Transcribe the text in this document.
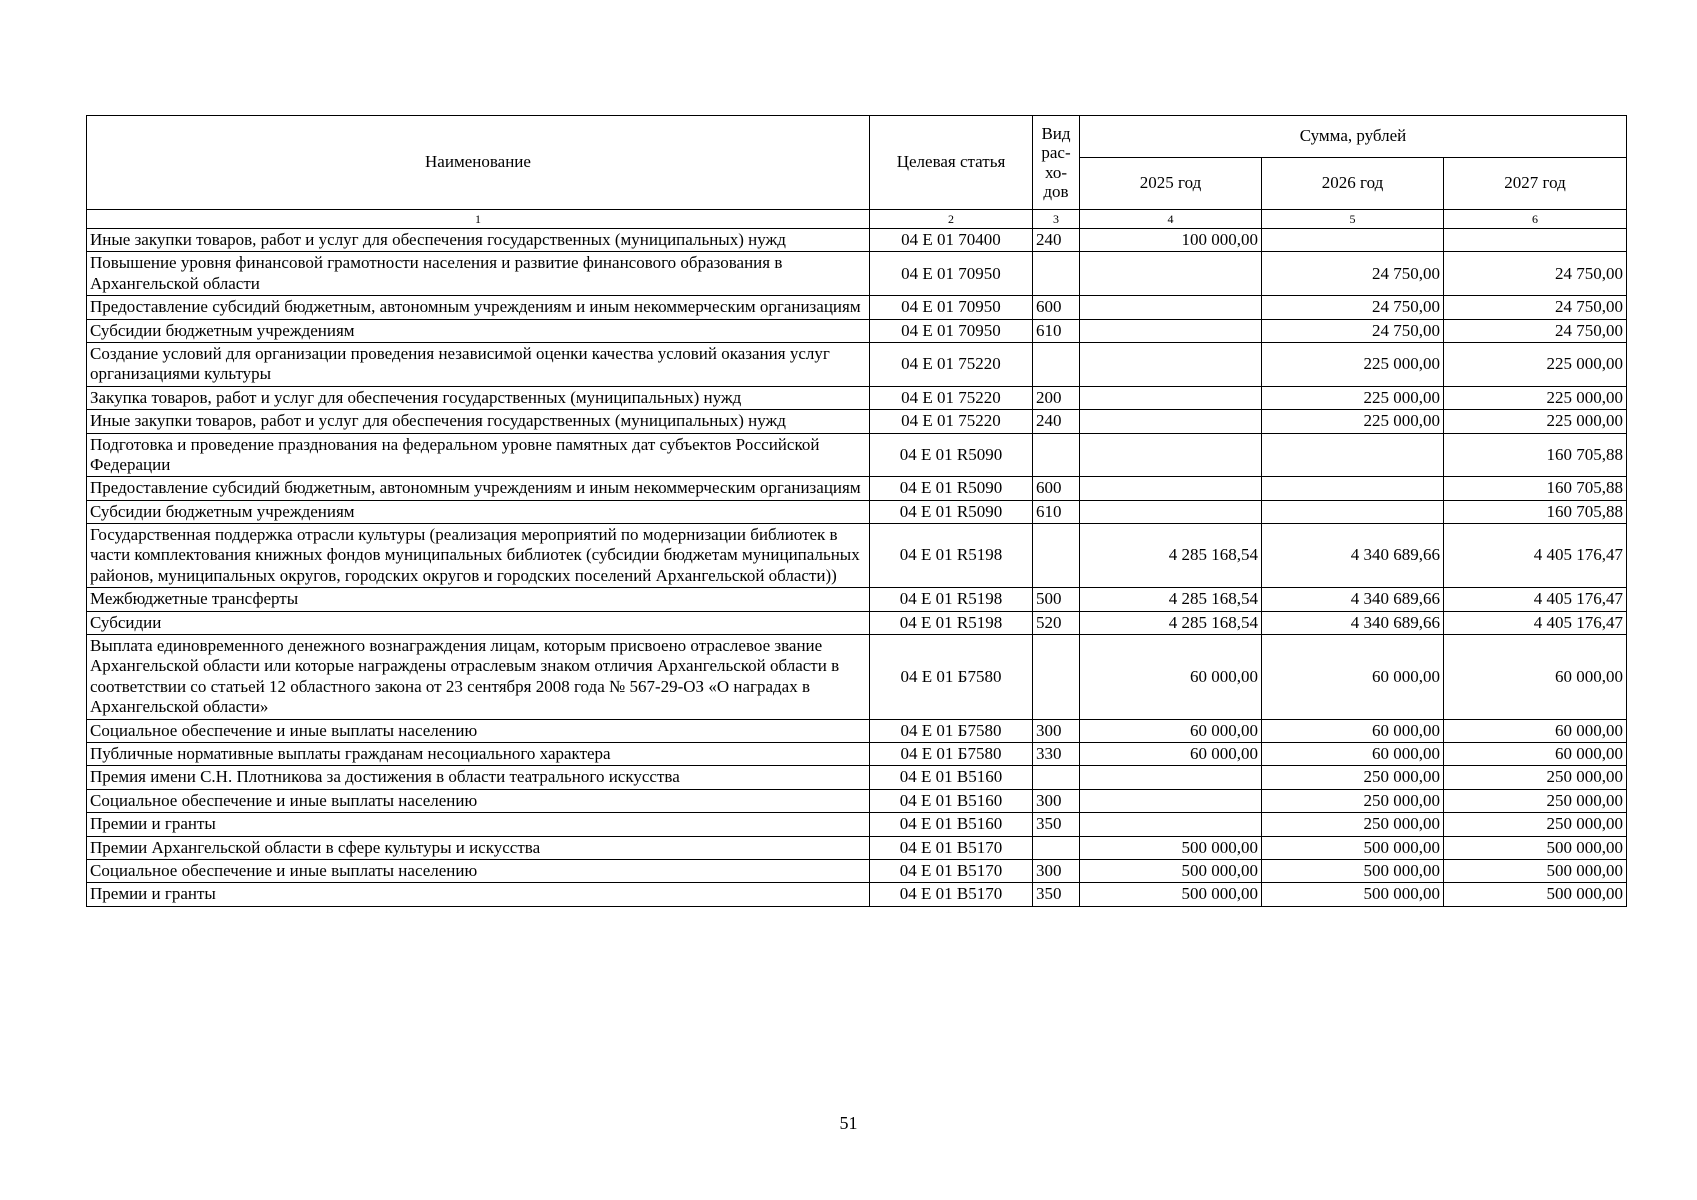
Наименование	Целевая статья	Вид
рас-
хо-
дов	Сумма, рублей		
			2025 год	2026 год	2027 год
1	2	3	4	5	6
Иные закупки товаров, работ и услуг для обеспечения государственных (муниципальных) нужд	04 Е 01 70400	240	100 000,00		
Повышение уровня финансовой грамотности населения и развитие финансового образования в Архангельской области	04 Е 01 70950			24 750,00	24 750,00
Предоставление субсидий бюджетным, автономным учреждениям и иным некоммерческим организациям	04 Е 01 70950	600		24 750,00	24 750,00
Субсидии бюджетным учреждениям	04 Е 01 70950	610		24 750,00	24 750,00
Создание условий для организации проведения независимой оценки качества условий оказания услуг организациями культуры	04 Е 01 75220			225 000,00	225 000,00
Закупка товаров, работ и услуг для обеспечения государственных (муниципальных) нужд	04 Е 01 75220	200		225 000,00	225 000,00
Иные закупки товаров, работ и услуг для обеспечения государственных (муниципальных) нужд	04 Е 01 75220	240		225 000,00	225 000,00
Подготовка и проведение празднования на федеральном уровне памятных дат субъектов Российской Федерации	04 Е 01 R5090				160 705,88
Предоставление субсидий бюджетным, автономным учреждениям и иным некоммерческим организациям	04 Е 01 R5090	600			160 705,88
Субсидии бюджетным учреждениям	04 Е 01 R5090	610			160 705,88
Государственная поддержка отрасли культуры (реализация мероприятий по модернизации библиотек в части комплектования книжных фондов муниципальных библиотек (субсидии бюджетам муниципальных районов, муниципальных округов, городских округов и городских поселений Архангельской области))	04 Е 01 R5198		4 285 168,54	4 340 689,66	4 405 176,47
Межбюджетные трансферты	04 Е 01 R5198	500	4 285 168,54	4 340 689,66	4 405 176,47
Субсидии	04 Е 01 R5198	520	4 285 168,54	4 340 689,66	4 405 176,47
Выплата единовременного денежного вознаграждения лицам, которым присвоено отраслевое звание Архангельской области или которые награждены отраслевым знаком отличия Архангельской области в соответствии со статьей 12 областного закона от 23 сентября 2008 года № 567-29-ОЗ «О наградах в Архангельской области»	04 Е 01 Б7580		60 000,00	60 000,00	60 000,00
Социальное обеспечение и иные выплаты населению	04 Е 01 Б7580	300	60 000,00	60 000,00	60 000,00
Публичные нормативные выплаты гражданам несоциального характера	04 Е 01 Б7580	330	60 000,00	60 000,00	60 000,00
Премия имени С.Н. Плотникова за достижения в области театрального искусства	04 Е 01 В5160			250 000,00	250 000,00
Социальное обеспечение и иные выплаты населению	04 Е 01 В5160	300		250 000,00	250 000,00
Премии и гранты	04 Е 01 В5160	350		250 000,00	250 000,00
Премии Архангельской области в сфере культуры и искусства	04 Е 01 В5170		500 000,00	500 000,00	500 000,00
Социальное обеспечение и иные выплаты населению	04 Е 01 В5170	300	500 000,00	500 000,00	500 000,00
Премии и гранты	04 Е 01 В5170	350	500 000,00	500 000,00	500 000,00
51
